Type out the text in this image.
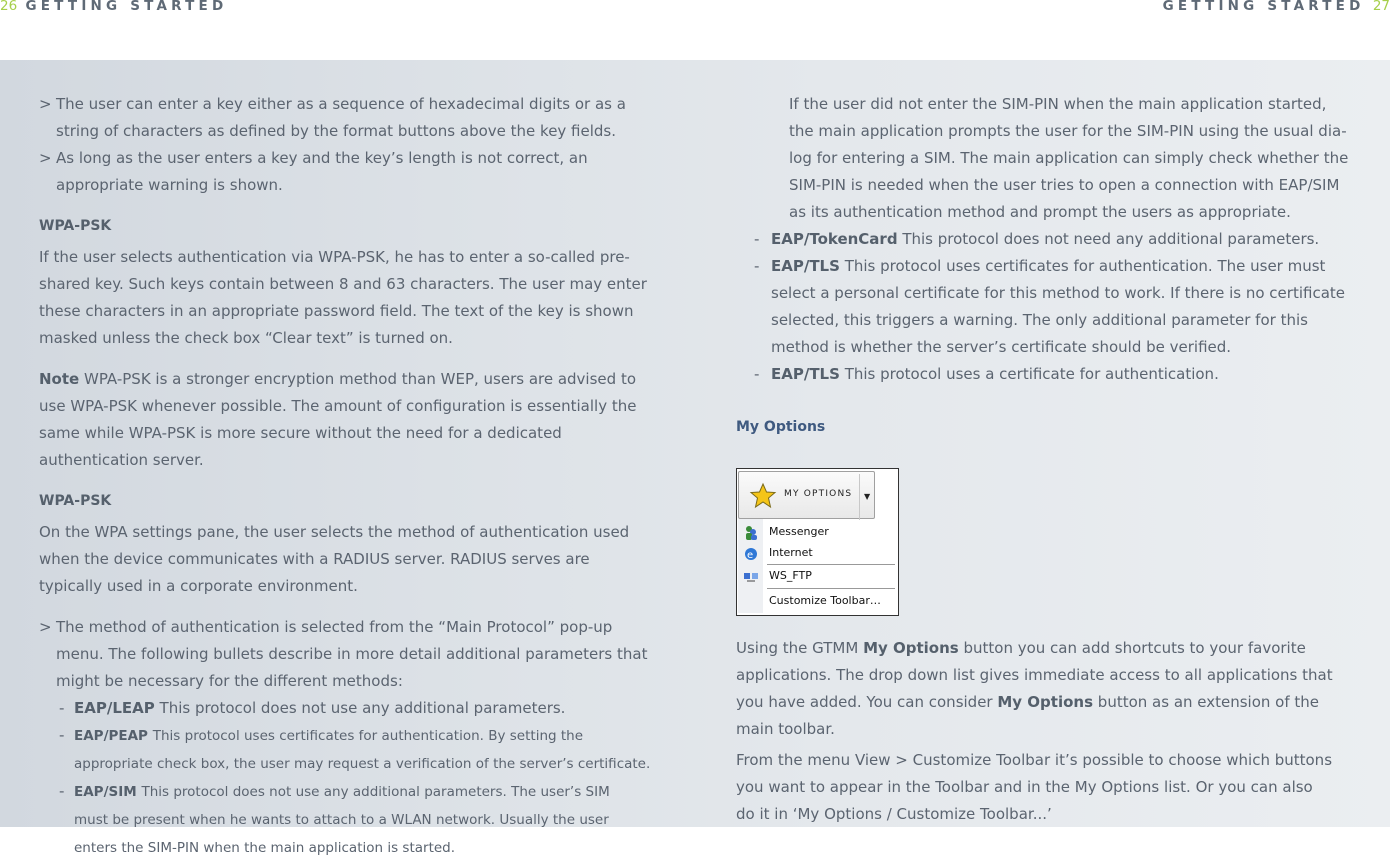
26 GETTING STARTED	GETTING STARTED 27

> The user can enter a key either as a sequence of hexadecimal digits or as a string of characters as defined by the format buttons above the key fields.

> As long as the user enters a key and the key’s length is not correct, an appropriate warning is shown.

WPA-PSK

If the user selects authentication via WPA-PSK, he has to enter a so-called pre-shared key. Such keys contain between 8 and 63 characters. The user may enter these characters in an appropriate password field. The text of the key is shown masked unless the check box “Clear text” is turned on.

Note WPA-PSK is a stronger encryption method than WEP, users are advised to use WPA-PSK whenever possible. The amount of configuration is essentially the same while WPA-PSK is more secure without the need for a dedicated authentication server.

WPA-PSK

On the WPA settings pane, the user selects the method of authentication used when the device communicates with a RADIUS server. RADIUS serves are typically used in a corporate environment.

> The method of authentication is selected from the “Main Protocol” pop-up menu. The following bullets describe in more detail additional parameters that might be necessary for the different methods:

- EAP/LEAP This protocol does not use any additional parameters.

- EAP/PEAP This protocol uses certificates for authentication. By setting the appropriate check box, the user may request a verification of the server’s certificate.

- EAP/SIM This protocol does not use any additional parameters. The user’s SIM must be present when he wants to attach to a WLAN network. Usually the user enters the SIM-PIN when the main application is started.

If the user did not enter the SIM-PIN when the main application started, the main application prompts the user for the SIM-PIN using the usual dia-log for entering a SIM. The main application can simply check whether the SIM-PIN is needed when the user tries to open a connection with EAP/SIM as its authentication method and prompt the users as appropriate.

- EAP/TokenCard This protocol does not need any additional parameters.

- EAP/TLS This protocol uses certificates for authentication. The user must select a personal certificate for this method to work. If there is no certificate selected, this triggers a warning. The only additional parameter for this method is whether the server’s certificate should be verified.

- EAP/TLS This protocol uses a certificate for authentication.

My Options

Using the GTMM My Options button you can add shortcuts to your favorite applications. The drop down list gives immediate access to all applications that you have added. You can consider My Options button as an extension of the main toolbar.

From the menu View > Customize Toolbar it’s possible to choose which buttons you want to appear in the Toolbar and in the My Options list. Or you can also do it in ‘My Options / Customize Toolbar...’

MY OPTIONS ▼
Messenger
e Internet
WS_FTP
Customize Toolbar…
